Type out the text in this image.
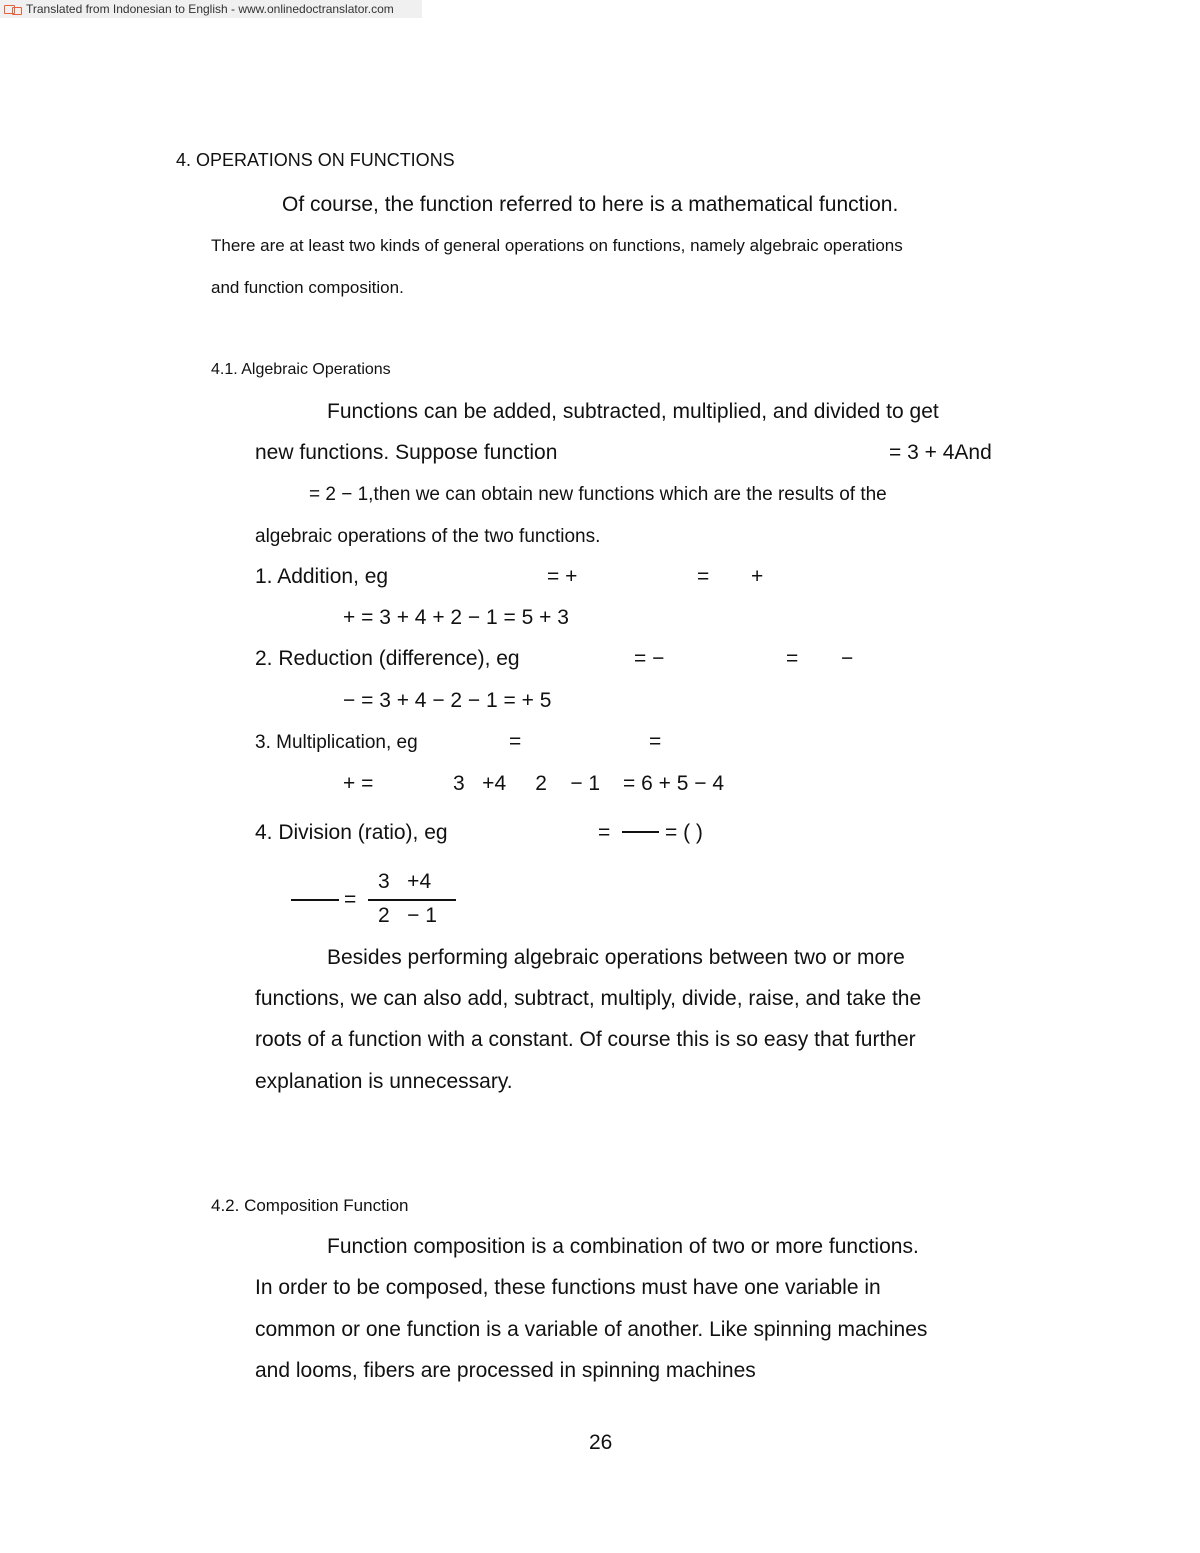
Translated from Indonesian to English - www.onlinedoctranslator.com
4. OPERATIONS ON FUNCTIONS
Of course, the function referred to here is a mathematical function.
There are at least two kinds of general operations on functions, namely algebraic operations
and function composition.
4.1. Algebraic Operations
Functions can be added, subtracted, multiplied, and divided to get
new functions. Suppose function	= 3 + 4And
= 2 − 1,then we can obtain new functions which are the results of the
algebraic operations of the two functions.
1. Addition, eg	= +	= +
+ = 3 + 4 + 2 − 1 = 5 + 3
2. Reduction (difference), eg	= −	= −
− = 3 + 4 − 2 − 1 = + 5
3. Multiplication, eg	=	=
+ =	3   +4     2    − 1 = 6 + 5 − 4
4. Division (ratio), eg	=	= ( )
=
3   +4
2   − 1
Besides performing algebraic operations between two or more
functions, we can also add, subtract, multiply, divide, raise, and take the
roots of a function with a constant. Of course this is so easy that further
explanation is unnecessary.
4.2. Composition Function
Function composition is a combination of two or more functions.
In order to be composed, these functions must have one variable in
common or one function is a variable of another. Like spinning machines
and looms, fibers are processed in spinning machines
26
